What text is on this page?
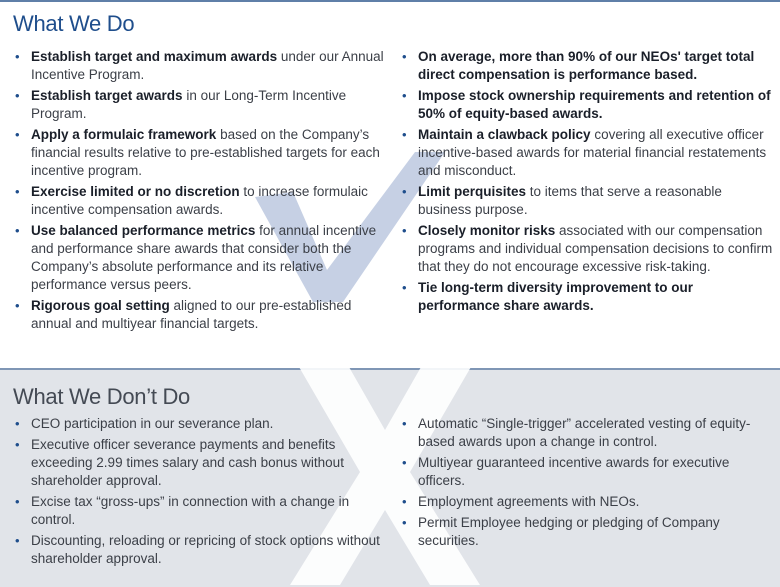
What We Do
• Establish target and maximum awards under our Annual Incentive Program.
• Establish target awards in our Long-Term Incentive Program.
• Apply a formulaic framework based on the Company’s financial results relative to pre-established targets for each incentive program.
• Exercise limited or no discretion to increase formulaic incentive compensation awards.
• Use balanced performance metrics for annual incentive and performance share awards that consider both the Company’s absolute performance and its relative performance versus peers.
• Rigorous goal setting aligned to our pre-established annual and multiyear financial targets.
• On average, more than 90% of our NEOs' target total direct compensation is performance based.
• Impose stock ownership requirements and retention of 50% of equity-based awards.
• Maintain a clawback policy covering all executive officer incentive-based awards for material financial restatements and misconduct.
• Limit perquisites to items that serve a reasonable business purpose.
• Closely monitor risks associated with our compensation programs and individual compensation decisions to confirm that they do not encourage excessive risk-taking.
• Tie long-term diversity improvement to our performance share awards.
What We Don’t Do
• CEO participation in our severance plan.
• Executive officer severance payments and benefits exceeding 2.99 times salary and cash bonus without shareholder approval.
• Excise tax “gross-ups” in connection with a change in control.
• Discounting, reloading or repricing of stock options without shareholder approval.
• Automatic “Single-trigger” accelerated vesting of equity-based awards upon a change in control.
• Multiyear guaranteed incentive awards for executive officers.
• Employment agreements with NEOs.
• Permit Employee hedging or pledging of Company securities.
